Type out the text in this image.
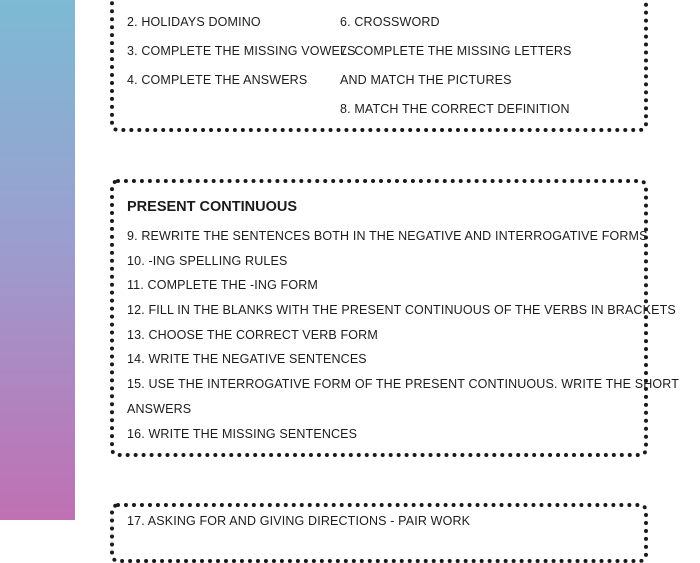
2. HOLIDAYS DOMINO
3. COMPLETE THE MISSING VOWELS
4. COMPLETE THE ANSWERS
6. CROSSWORD
7. COMPLETE THE MISSING LETTERS
AND MATCH THE PICTURES
8. MATCH THE CORRECT DEFINITION
PRESENT CONTINUOUS
9. REWRITE THE SENTENCES BOTH IN THE NEGATIVE AND INTERROGATIVE FORMS
10. -ING SPELLING RULES
11. COMPLETE THE -ING FORM
12. FILL IN THE BLANKS WITH THE PRESENT CONTINUOUS OF THE VERBS IN BRACKETS
13. CHOOSE THE CORRECT VERB FORM
14. WRITE THE NEGATIVE SENTENCES
15. USE THE INTERROGATIVE FORM OF THE PRESENT CONTINUOUS. WRITE THE SHORT
ANSWERS
16. WRITE THE MISSING SENTENCES
17. ASKING FOR AND GIVING DIRECTIONS - PAIR WORK
